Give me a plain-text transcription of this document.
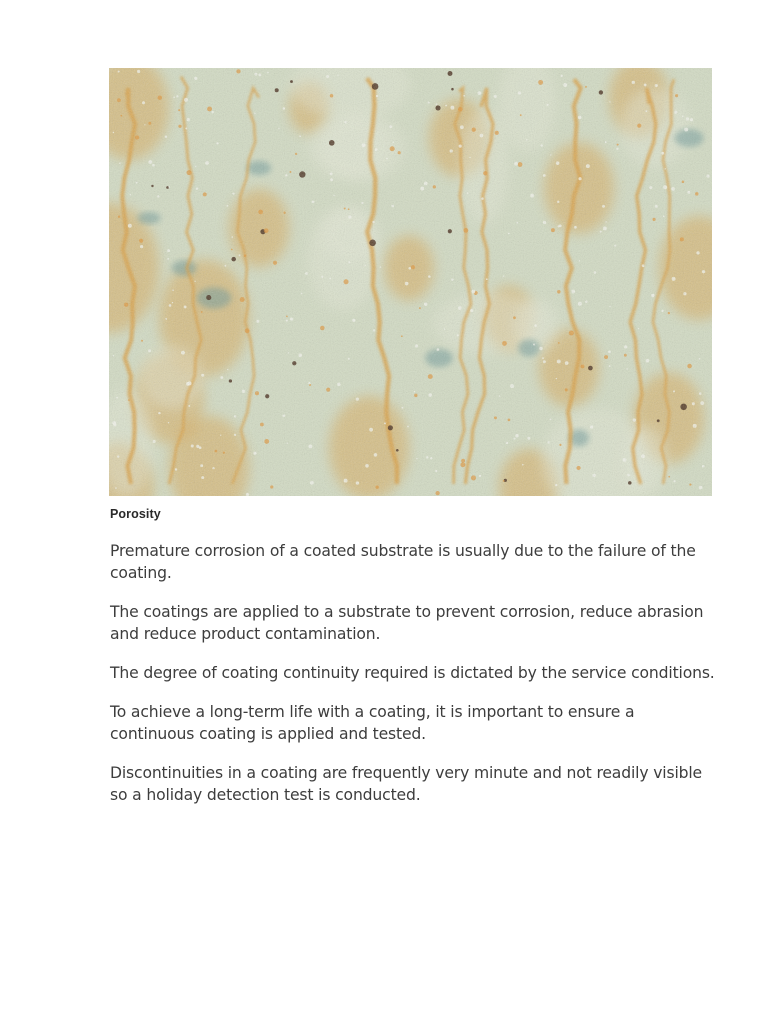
Porosity

Premature corrosion of a coated substrate is usually due to the failure of the coating.

The coatings are applied to a substrate to prevent corrosion, reduce abrasion and reduce product contamination.

The degree of coating continuity required is dictated by the service conditions.

To achieve a long-term life with a coating, it is important to ensure a continuous coating is applied and tested.

Discontinuities in a coating are frequently very minute and not readily visible so a holiday detection test is conducted.
